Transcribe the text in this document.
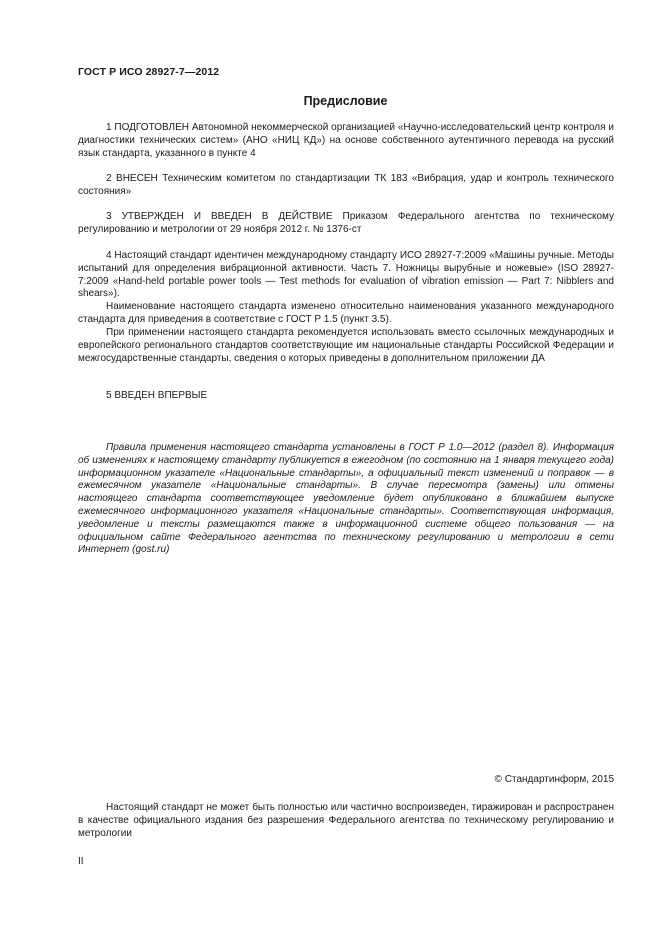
ГОСТ Р ИСО 28927-7—2012
Предисловие

1 ПОДГОТОВЛЕН Автономной некоммерческой организацией «Научно-исследовательский центр контроля и диагностики технических систем» (АНО «НИЦ КД») на основе собственного аутентичного перевода на русский язык стандарта, указанного в пункте 4

2 ВНЕСЕН Техническим комитетом по стандартизации ТК 183 «Вибрация, удар и контроль технического состояния»

3 УТВЕРЖДЕН И ВВЕДЕН В ДЕЙСТВИЕ Приказом Федерального агентства по техническому регулированию и метрологии от 29 ноября 2012 г. № 1376-ст

4 Настоящий стандарт идентичен международному стандарту ИСО 28927-7:2009 «Машины ручные. Методы испытаний для определения вибрационной активности. Часть 7. Ножницы вырубные и ножевые» (ISO 28927-7:2009 «Hand-held portable power tools — Test methods for evaluation of vibration emission — Part 7: Nibblers and shears»).

Наименование настоящего стандарта изменено относительно наименования указанного международного стандарта для приведения в соответствие с ГОСТ Р 1.5 (пункт 3.5).

При применении настоящего стандарта рекомендуется использовать вместо ссылочных международных и европейского регионального стандартов соответствующие им национальные стандарты Российской Федерации и межгосударственные стандарты, сведения о которых приведены в дополнительном приложении ДА

5 ВВЕДЕН ВПЕРВЫЕ

Правила применения настоящего стандарта установлены в ГОСТ Р 1.0—2012 (раздел 8). Информация об изменениях к настоящему стандарту публикуется в ежегодном (по состоянию на 1 января текущего года) информационном указателе «Национальные стандарты», а официальный текст изменений и поправок — в ежемесячном указателе «Национальные стандарты». В случае пересмотра (замены) или отмены настоящего стандарта соответствующее уведомление будет опубликовано в ближайшем выпуске ежемесячного информационного указателя «Национальные стандарты». Соответствующая информация, уведомление и тексты размещаются также в информационной системе общего пользования — на официальном сайте Федерального агентства по техническому регулированию и метрологии в сети Интернет (gost.ru)

© Стандартинформ, 2015

Настоящий стандарт не может быть полностью или частично воспроизведен, тиражирован и распространен в качестве официального издания без разрешения Федерального агентства по техническому регулированию и метрологии

II
